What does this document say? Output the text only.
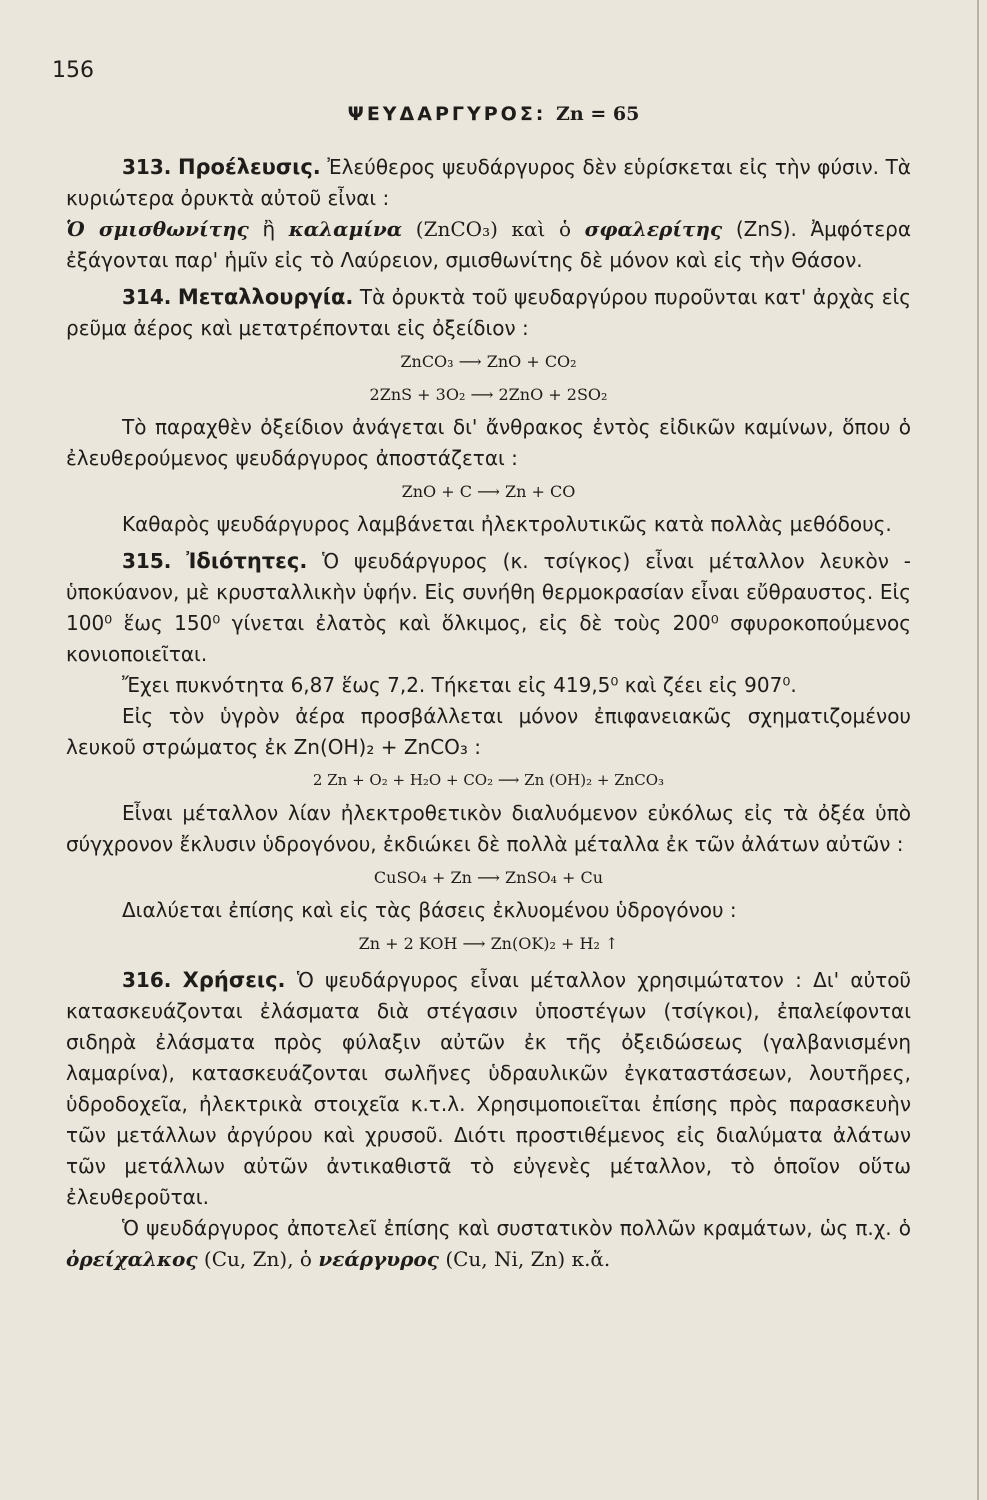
156
ΨΕΥΔΑΡΓΥΡΟΣ: Zn = 65

313. Προέλευσις. Ἐλεύθερος ψευδάργυρος δὲν εὑρίσκεται εἰς τὴν φύσιν. Τὰ κυριώτερα ὀρυκτὰ αὐτοῦ εἶναι :

Ὁ σμισθωνίτης ἢ καλαμίνα (ZnCO₃) καὶ ὁ σφαλερίτης (ZnS). Ἀμφότερα ἐξάγονται παρ' ἡμῖν εἰς τὸ Λαύρειον, σμισθωνίτης δὲ μόνον καὶ εἰς τὴν Θάσον.

314. Μεταλλουργία. Τὰ ὀρυκτὰ τοῦ ψευδαργύρου πυροῦνται κατ' ἀρχὰς εἰς ρεῦμα ἀέρος καὶ μετατρέπονται εἰς ὀξείδιον :

ZnCO₃ ⟶ ZnO + CO₂
2ZnS + 3O₂ ⟶ 2ZnO + 2SO₂

Τὸ παραχθὲν ὀξείδιον ἀνάγεται δι' ἄνθρακος ἐντὸς εἰδικῶν καμίνων, ὅπου ὁ ἐλευθερούμενος ψευδάργυρος ἀποστάζεται :

ZnO + C ⟶ Zn + CO

Καθαρὸς ψευδάργυρος λαμβάνεται ἠλεκτρολυτικῶς κατὰ πολλὰς μεθόδους.

315. Ἰδιότητες. Ὁ ψευδάργυρος (κ. τσίγκος) εἶναι μέταλλον λευκὸν - ὑποκύανον, μὲ κρυσταλλικὴν ὑφήν. Εἰς συνήθη θερμοκρασίαν εἶναι εὔθραυστος. Εἰς 100⁰ ἕως 150⁰ γίνεται ἐλατὸς καὶ ὅλκιμος, εἰς δὲ τοὺς 200⁰ σφυροκοπούμενος κονιοποιεῖται.

Ἔχει πυκνότητα 6,87 ἕως 7,2. Τήκεται εἰς 419,5⁰ καὶ ζέει εἰς 907⁰.

Εἰς τὸν ὑγρὸν ἀέρα προσβάλλεται μόνον ἐπιφανειακῶς σχηματιζομένου λευκοῦ στρώματος ἐκ Zn(OH)₂ + ZnCO₃ :

2 Zn + O₂ + H₂O + CO₂ ⟶ Zn (OH)₂ + ZnCO₃

Εἶναι μέταλλον λίαν ἠλεκτροθετικὸν διαλυόμενον εὐκόλως εἰς τὰ ὀξέα ὑπὸ σύγχρονον ἔκλυσιν ὑδρογόνου, ἐκδιώκει δὲ πολλὰ μέταλλα ἐκ τῶν ἀλάτων αὐτῶν :

CuSO₄ + Zn ⟶ ZnSO₄ + Cu

Διαλύεται ἐπίσης καὶ εἰς τὰς βάσεις ἐκλυομένου ὑδρογόνου :

Zn + 2 KOH ⟶ Zn(OK)₂ + H₂ ↑

316. Χρήσεις. Ὁ ψευδάργυρος εἶναι μέταλλον χρησιμώτατον : Δι' αὐτοῦ κατασκευάζονται ἐλάσματα διὰ στέγασιν ὑποστέγων (τσίγκοι), ἐπαλείφονται σιδηρὰ ἐλάσματα πρὸς φύλαξιν αὐτῶν ἐκ τῆς ὀξειδώσεως (γαλβανισμένη λαμαρίνα), κατασκευάζονται σωλῆνες ὑδραυλικῶν ἐγκαταστάσεων, λουτῆρες, ὑδροδοχεῖα, ἠλεκτρικὰ στοιχεῖα κ.τ.λ. Χρησιμοποιεῖται ἐπίσης πρὸς παρασκευὴν τῶν μετάλλων ἀργύρου καὶ χρυσοῦ. Διότι προστιθέμενος εἰς διαλύματα ἀλάτων τῶν μετάλλων αὐτῶν ἀντικαθιστᾶ τὸ εὐγενὲς μέταλλον, τὸ ὁποῖον οὕτω ἐλευθεροῦται.

Ὁ ψευδάργυρος ἀποτελεῖ ἐπίσης καὶ συστατικὸν πολλῶν κραμάτων, ὡς π.χ. ὁ ὀρείχαλκος (Cu, Zn), ὁ νεάργυρος (Cu, Ni, Zn) κ.ἄ.
